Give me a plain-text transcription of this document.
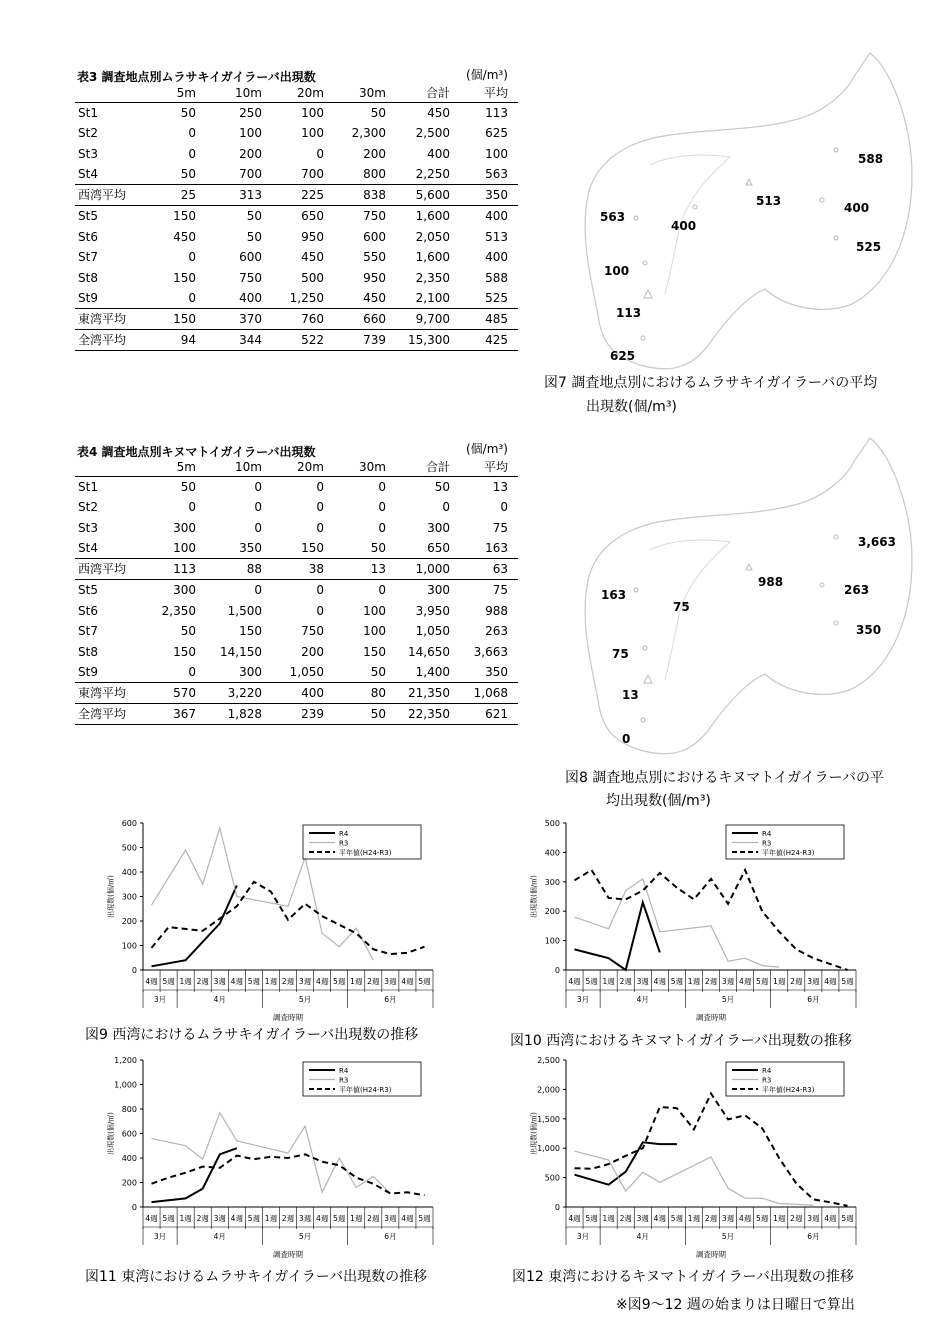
表3 調査地点別ムラサキイガイラーバ出現数	(個/m³)
	5m	10m	20m	30m	合計	平均
St1	50	250	100	50	450	113
St2	0	100	100	2,300	2,500	625
St3	0	200	0	200	400	100
St4	50	700	700	800	2,250	563
西湾平均	25	313	225	838	5,600	350
St5	150	50	650	750	1,600	400
St6	450	50	950	600	2,050	513
St7	0	600	450	550	1,600	400
St8	150	750	500	950	2,350	588
St9	0	400	1,250	450	2,100	525
東湾平均	150	370	760	660	9,700	485
全湾平均	94	344	522	739	15,300	425
表4 調査地点別キヌマトイガイラーバ出現数	(個/m³)
	5m	10m	20m	30m	合計	平均
St1	50	0	0	0	50	13
St2	0	0	0	0	0	0
St3	300	0	0	0	300	75
St4	100	350	150	50	650	163
西湾平均	113	88	38	13	1,000	63
St5	300	0	0	0	300	75
St6	2,350	1,500	0	100	3,950	988
St7	50	150	750	100	1,050	263
St8	150	14,150	200	150	14,650	3,663
St9	0	300	1,050	50	1,400	350
東湾平均	570	3,220	400	80	21,350	1,068
全湾平均	367	1,828	239	50	22,350	621
588
513	400
563
400
525
100
113
625
図7 調査地点別におけるムラサキイガイラーバの平均
出現数(個/m³)
3,663
988
263
163
75
350
75
13
0
図8 調査地点別におけるキヌマトイガイラーバの平
均出現数(個/m³)
0
100
200
300
400
500
600
出現数(個/㎥)
4週 5週 1週 2週 3週 4週 5週 1週 2週 3週 4週 5週 1週 2週 3週 4週 5週
3月	4月	5月	6月
調査時期
R4
R3
平年値(H24-R3)
0
100
200
300
400
500
出現数(個/㎥)
4週 5週 1週 2週 3週 4週 5週 1週 2週 3週 4週 5週 1週 2週 3週 4週 5週
3月	4月	5月	6月
調査時期
R4
R3
平年値(H24-R3)
0
200
400
600
800
1,000
1,200
出現数(個/㎥)
4週 5週 1週 2週 3週 4週 5週 1週 2週 3週 4週 5週 1週 2週 3週 4週 5週
3月	4月	5月	6月
調査時期
R4
R3
平年値(H24-R3)
0
500
1,000
1,500
2,000
2,500
出現数(個/㎥)
4週 5週 1週 2週 3週 4週 5週 1週 2週 3週 4週 5週 1週 2週 3週 4週 5週
3月	4月	5月	6月
調査時期
R4
R3
平年値(H24-R3)
図9 西湾におけるムラサキイガイラーバ出現数の推移	図10 西湾におけるキヌマトイガイラーバ出現数の推移
図11 東湾におけるムラサキイガイラーバ出現数の推移	図12 東湾におけるキヌマトイガイラーバ出現数の推移
※図9～12 週の始まりは日曜日で算出
